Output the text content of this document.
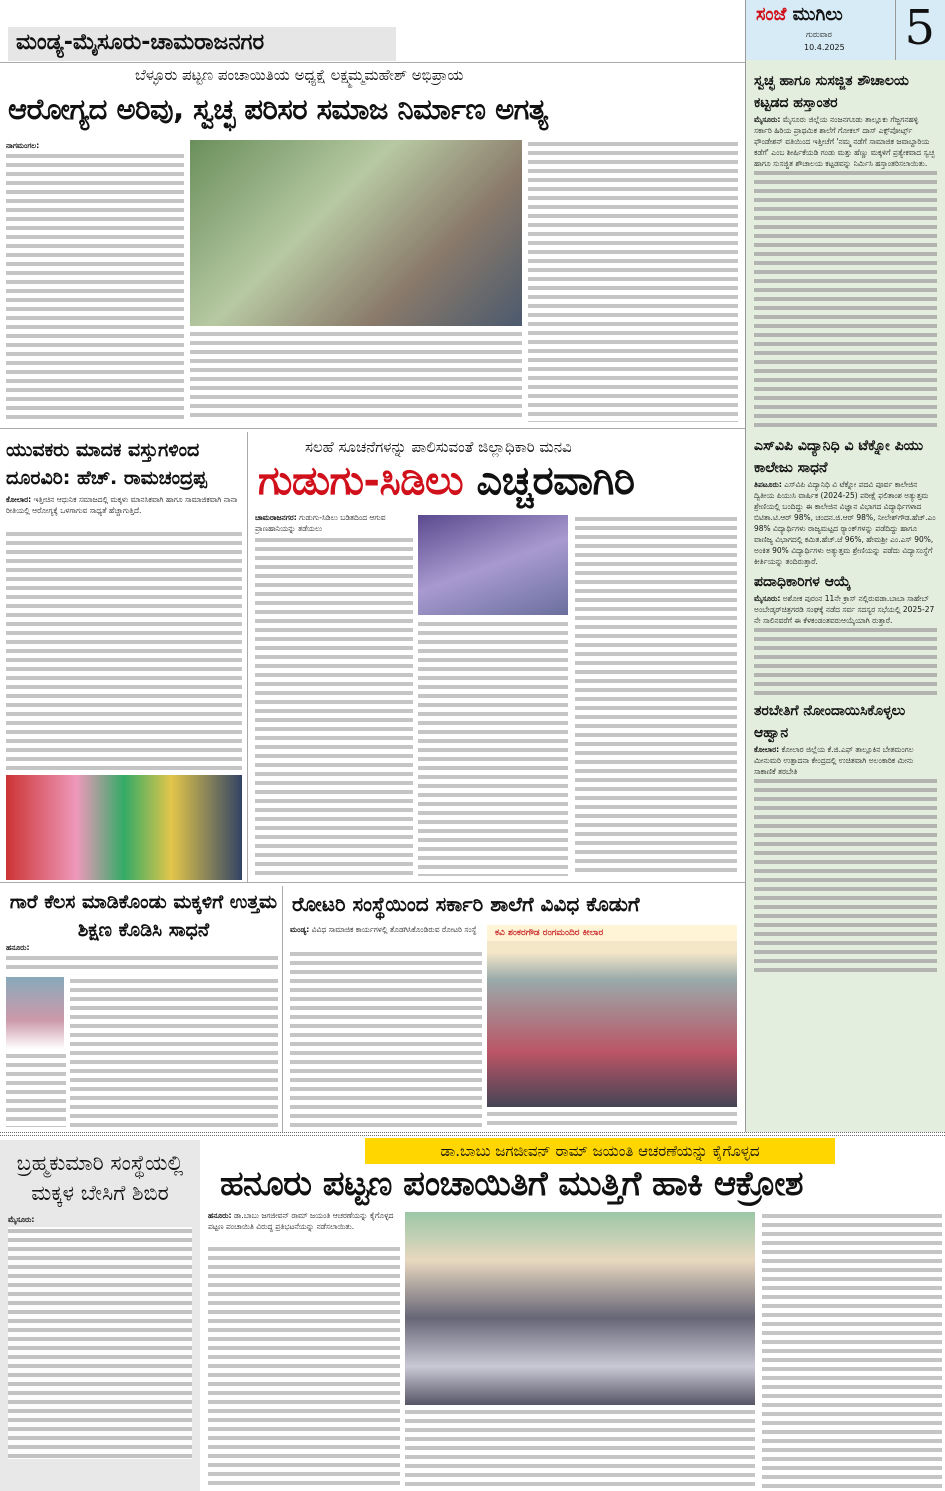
ಮಂಡ್ಯ-ಮೈಸೂರು-ಚಾಮರಾಜನಗರ
ಸಂಜೆ ಮುಗಿಲು
ಗುರುವಾರ
10.4.2025 5
ಬೆಳ್ಳೂರು ಪಟ್ಟಣ ಪಂಚಾಯಿತಿಯ ಅಧ್ಯಕ್ಷೆ ಲಕ್ಷ್ಮಮ್ಮಮಹೇಶ್ ಅಭಿಪ್ರಾಯ
ಆರೋಗ್ಯದ ಅರಿವು, ಸ್ವಚ್ಛ ಪರಿಸರ ಸಮಾಜ ನಿರ್ಮಾಣ ಅಗತ್ಯ
ನಾಗಮಂಗಲ:
ಯುವಕರು ಮಾದಕ ವಸ್ತುಗಳಿಂದ ದೂರವಿರಿ: ಹೆಚ್. ರಾಮಚಂದ್ರಪ್ಪ
ಕೋಲಾರ: ಇತ್ತೀಚಿನ ಆಧುನಿಕ ಸಮಾಜದಲ್ಲಿ ಮಕ್ಕಳು ಮಾನಸಿಕವಾಗಿ ಹಾಗೂ ಸಾಮಾಜಿಕವಾಗಿ ನಾನಾ ರೀತಿಯಲ್ಲಿ ಆರೋಗ್ಯಕ್ಕೆ ಒಳಗಾಗುವ ಸಾಧ್ಯತೆ ಹೆಚ್ಚಾಗುತ್ತಿದೆ.
ಸಲಹೆ ಸೂಚನೆಗಳನ್ನು ಪಾಲಿಸುವಂತೆ ಜಿಲ್ಲಾಧಿಕಾರಿ ಮನವಿ
ಗುಡುಗು-ಸಿಡಿಲು ಎಚ್ಚರವಾಗಿರಿ
ಚಾಮರಾಜನಗರ: ಗುಡುಗು-ಸಿಡಿಲು ಬಡಿತದಿಂದ ಆಗುವ ಪ್ರಾಣಹಾನಿಯನ್ನು ತಡೆಯಲು
ಗಾರೆ ಕೆಲಸ ಮಾಡಿಕೊಂಡು ಮಕ್ಕಳಿಗೆ ಉತ್ತಮ ಶಿಕ್ಷಣ ಕೊಡಿಸಿ ಸಾಧನೆ
ಹನೂರು:
ರೋಟರಿ ಸಂಸ್ಥೆಯಿಂದ ಸರ್ಕಾರಿ ಶಾಲೆಗೆ ವಿವಿಧ ಕೊಡುಗೆ
ಮಂಡ್ಯ: ವಿವಿಧ ಸಾಮಾಜಿಕ ಕಾರ್ಯಗಳಲ್ಲಿ ತೊಡಗಿಸಿಕೊಂಡಿರುವ ರೋಟರಿ ಸಂಸ್ಥೆ	ಕವಿ ಶಂಕರಗೌಡ ರಂಗಮಂದಿರ ಕೀಲಾರ
ಸ್ವಚ್ಛ ಹಾಗೂ ಸುಸಜ್ಜಿತ ಶೌಚಾಲಯ ಕಟ್ಟಡದ ಹಸ್ತಾಂತರ

ಮೈಸೂರು: ಮೈಸೂರು ಜಿಲ್ಲೆಯ ನಂಜನಗೂಡು ತಾಲ್ಲೂಕು ಗೆಜ್ಜಗನಹಳ್ಳಿ ಸರ್ಕಾರಿ ಹಿರಿಯ ಪ್ರಾಥಮಿಕ ಶಾಲೆಗೆ ಗೋಕಲ್ ದಾಸ್ ಎಕ್ಸ್‌ಪೋರ್ಟ್ಸ್ ಫೌಂಡೇಶನ್ ವತಿಯಿಂದ ಇತ್ತೀಚೆಗೆ 'ನಮ್ಮ ನಡೆಗೆ ಸಾಮಾಜಿಕ ಜವಾಬ್ದಾರಿಯ ಕಡೆಗೆ' ಎಂಬ ಶೀರ್ಷಿಕೆಯಡಿ ಗಂಡು ಮತ್ತು ಹೆಣ್ಣು ಮಕ್ಕಳಿಗೆ ಪ್ರತ್ಯೇಕವಾದ ಸ್ವಚ್ಛ ಹಾಗೂ ಸುಸಜ್ಜಿತ ಶೌಚಾಲಯ ಕಟ್ಟಡವನ್ನು ನಿರ್ಮಿಸಿ ಹಸ್ತಾಂತರಿಸಲಾಯಿತು.

ಎಸ್‌ವಿಪಿ ವಿದ್ಯಾನಿಧಿ ವಿ ಟೆಕ್ನೋ ಪಿಯು ಕಾಲೇಜು ಸಾಧನೆ

ತಿಪಟೂರು: ಎಸ್‌ವಿಪಿ ವಿದ್ಯಾನಿಧಿ ವಿ ಟೆಕ್ನೋ ಪದವಿ ಪೂರ್ವ ಕಾಲೇಜಿನ ದ್ವಿತೀಯ ಪಿಯುಸಿ ವಾರ್ಷಿಕ (2024-25) ಪರೀಕ್ಷೆ ಫಲಿತಾಂಶ ಅತ್ಯುತ್ತಮ ಶ್ರೇಣಿಯಲ್ಲಿ ಬಂದಿದ್ದು ಈ ಕಾಲೇಜಿನ ವಿಜ್ಞಾನ ವಿಭಾಗದ ವಿದ್ಯಾರ್ಥಿಗಳಾದ ಬಿಟಿತಾ.ಟಿ.ಆರ್ 98%, ಚಂದನ.ಜಿ.ಆರ್ 98%, ನೀಲೇಶ್‌ಗೌಡ.ಹೆಚ್.ಎಂ 98% ವಿದ್ಯಾರ್ಥಿಗಳು ರಾಜ್ಯಮಟ್ಟದ ರ‍್ಯಾಂಕ್‌ಗಳನ್ನು ಪಡೆದಿದ್ದು ಹಾಗೂ ವಾಣಿಜ್ಯ ವಿಭಾಗದಲ್ಲಿ ಕಮಿತ.ಹೆಚ್.ಜೆ 96%, ಹೇಮಶ್ರೀ ಎಂ.ಎಸ್ 90%, ಅಂಕಿತ 90% ವಿದ್ಯಾರ್ಥಿಗಳು ಅತ್ಯುತ್ತಮ ಶ್ರೇಣಿಯನ್ನು ಪಡೆದು ವಿದ್ಯಾಸಂಸ್ಥೆಗೆ ಕೀರ್ತಿಯನ್ನು ತಂದಿರುತ್ತಾರೆ.

ಪದಾಧಿಕಾರಿಗಳ ಆಯ್ಕೆ

ಮೈಸೂರು: ಅಶೋಕ ಪುರಂನ 11ನೇ ಕ್ರಾಸ್ ನಲ್ಲಿರುವಡಾ.ಬಾಬಾ ಸಾಹೇಬ್ ಅಂಬೇಡ್ಕರ್‌ಚಿತ್ರಗರಡಿ ಸಂಘಕ್ಕೆ ನಡೆದ ಸರ್ವ ಸದಸ್ಯರ ಸಭೆಯಲ್ಲಿ 2025-27 ನೇ ಸಾಲಿನವರೆಗೆ ಈ ಕೆಳಕಂಡಂತವರುಆಯ್ಕೆಯಾಗಿ ರುತ್ತಾರೆ.

ತರಬೇತಿಗೆ ನೋಂದಾಯಿಸಿಕೊಳ್ಳಲು ಆಹ್ವಾನ

ಕೋಲಾರ: ಕೋಲಾರ ಜಿಲ್ಲೆಯ ಕೆ.ಜಿ.ಎಫ್ ತಾಲ್ಲೂಕಿನ ಬೇತಮಂಗಲ ಮೀನುಮರಿ ಉತ್ಪಾದನಾ ಕೇಂದ್ರದಲ್ಲಿ ಉಚಿತವಾಗಿ ಅಲಂಕಾರಿಕ ಮೀನು ಸಾಕಾಣಿಕೆ ತರಬೇತಿ

ಬ್ರಹ್ಮಕುಮಾರಿ ಸಂಸ್ಥೆಯಲ್ಲಿ ಮಕ್ಕಳ ಬೇಸಿಗೆ ಶಿಬಿರ

ಮೈಸೂರು:

ಡಾ.ಬಾಬು ಜಗಜೀವನ್ ರಾಮ್ ಜಯಂತಿ ಆಚರಣೆಯನ್ನು ಕೈಗೊಳ್ಳದ
ಹನೂರು ಪಟ್ಟಣ ಪಂಚಾಯಿತಿಗೆ ಮುತ್ತಿಗೆ ಹಾಕಿ ಆಕ್ರೋಶ
ಹನೂರು: ಡಾ.ಬಾಬು ಜಗಜೀವನ್ ರಾಮ್ ಜಯಂತಿ ಆಚರಣೆಯನ್ನು ಕೈಗೊಳ್ಳದ ಪಟ್ಟಣ ಪಂಚಾಯಿತಿ ವಿರುದ್ಧ ಪ್ರತಿಭಟನೆಯನ್ನು ನಡೆಸಲಾಯಿತು.
